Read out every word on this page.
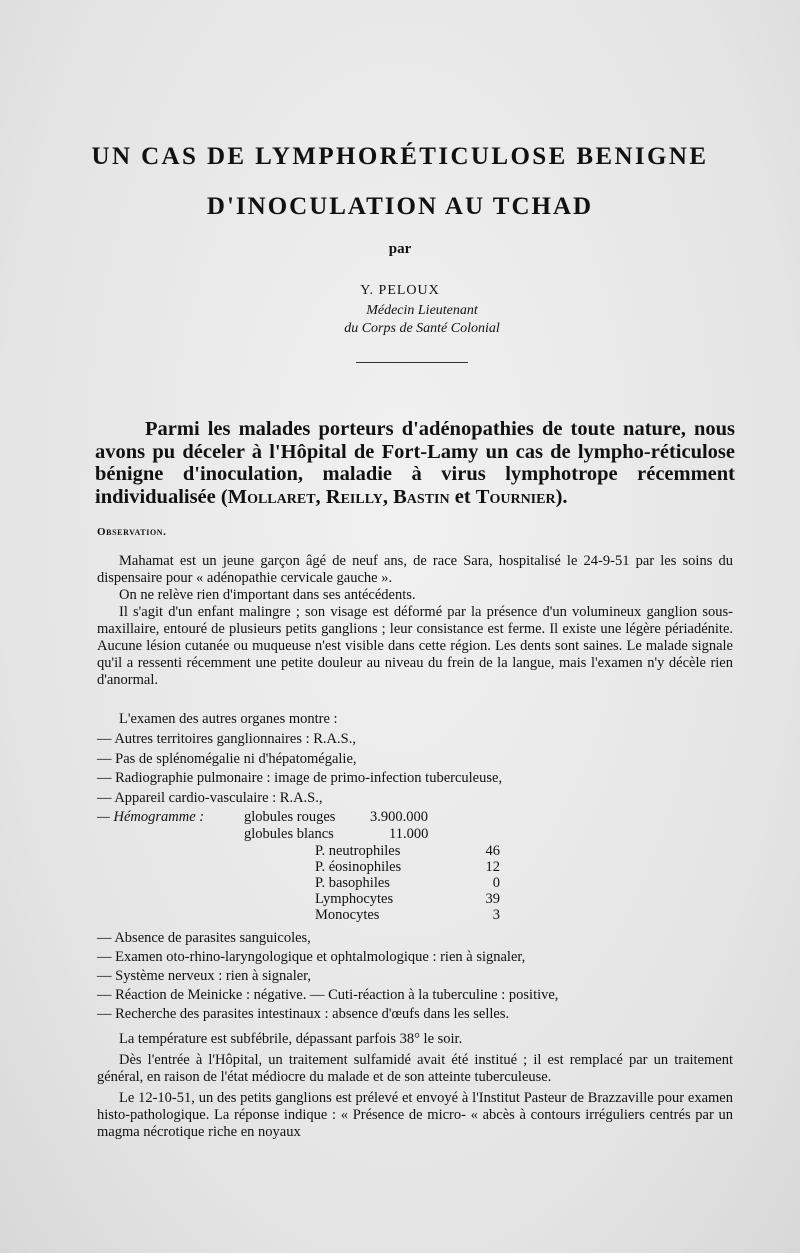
UN CAS DE LYMPHORÉTICULOSE BENIGNE
D'INOCULATION AU TCHAD
par
Y. PELOUX
Médecin Lieutenant
du Corps de Santé Colonial
Parmi les malades porteurs d'adénopathies de toute nature, nous avons pu déceler à l'Hôpital de Fort-Lamy un cas de lympho-réticulose bénigne d'inoculation, maladie à virus lymphotrope récemment individualisée (Mollaret, Reilly, Bastin et Tournier).
Observation.

Mahamat est un jeune garçon âgé de neuf ans, de race Sara, hospitalisé le 24-9-51 par les soins du dispensaire pour « adénopathie cervicale gauche ».

On ne relève rien d'important dans ses antécédents.

Il s'agit d'un enfant malingre ; son visage est déformé par la présence d'un volumineux ganglion sous-maxillaire, entouré de plusieurs petits ganglions ; leur consistance est ferme. Il existe une légère périadénite. Aucune lésion cutanée ou muqueuse n'est visible dans cette région. Les dents sont saines. Le malade signale qu'il a ressenti récemment une petite douleur au niveau du frein de la langue, mais l'examen n'y décèle rien d'anormal.

L'examen des autres organes montre :

— Autres territoires ganglionnaires : R.A.S.,
— Pas de splénomégalie ni d'hépatomégalie,
— Radiographie pulmonaire : image de primo-infection tuberculeuse,
— Appareil cardio-vasculaire : R.A.S.,
— Hémogramme :	globules rouges 3.900.000
globules blancs	11.000
P. neutrophiles	46
P. éosinophiles	12
P. basophiles	0
Lymphocytes	39
Monocytes	3
— Absence de parasites sanguicoles,
— Examen oto-rhino-laryngologique et ophtalmologique : rien à signaler,
— Système nerveux : rien à signaler,
— Réaction de Meinicke : négative. — Cuti-réaction à la tuberculine : positive,
— Recherche des parasites intestinaux : absence d'œufs dans les selles.

La température est subfébrile, dépassant parfois 38° le soir.

Dès l'entrée à l'Hôpital, un traitement sulfamidé avait été institué ; il est remplacé par un traitement général, en raison de l'état médiocre du malade et de son atteinte tuberculeuse.

Le 12-10-51, un des petits ganglions est prélevé et envoyé à l'Institut Pasteur de Brazzaville pour examen histo-pathologique. La réponse indique : « Présence de micro- « abcès à contours irréguliers centrés par un magma nécrotique riche en noyaux
